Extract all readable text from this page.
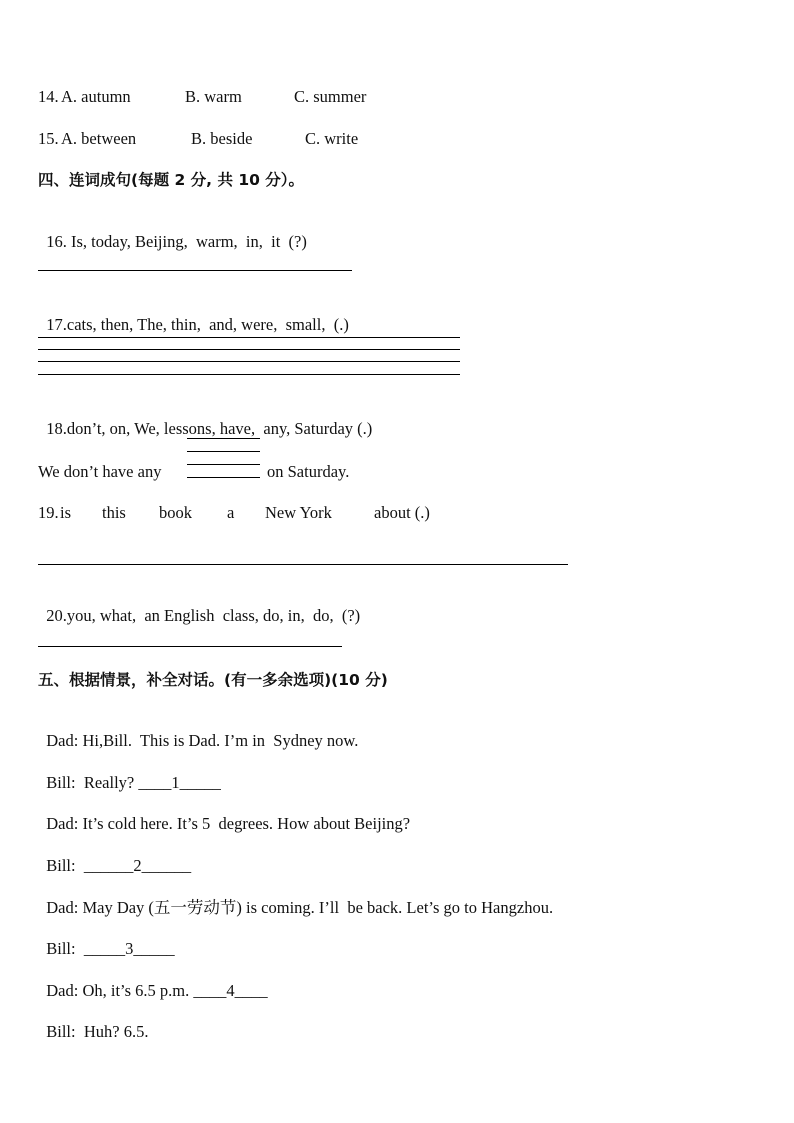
14.

A. autumn

	B. warm

	C. summer

15.

A. between

	B. beside

	C. write

四、连词成句(每题 2 分, 共 10 分）。

16. Is, today, Beijing,  warm,  in,  it  (?)

17.cats, then, The, thin,  and, were,  small,  (.)

18.don’t, on, We, lessons, have,  any, Saturday (.)

We don’t have any

	on Saturday.

19.

is

this

book

a

New York

	about (.)

20.you, what,  an English  class, do, in,  do,  (?)

五、根据情景，补全对话。(有一多余选项)(10 分)

Dad: Hi,Bill.  This is Dad. I’m in  Sydney now.

Bill:  Really? ____1_____

Dad: It’s cold here. It’s 5  degrees. How about Beijing?

Bill: ______2______

Dad: May Day (五一劳动节) is coming. I’ll  be back. Let’s go to Hangzhou.

Bill: _____3_____

Dad: Oh, it’s 6.5 p.m. ____4____

Bill:  Huh? 6.5.
